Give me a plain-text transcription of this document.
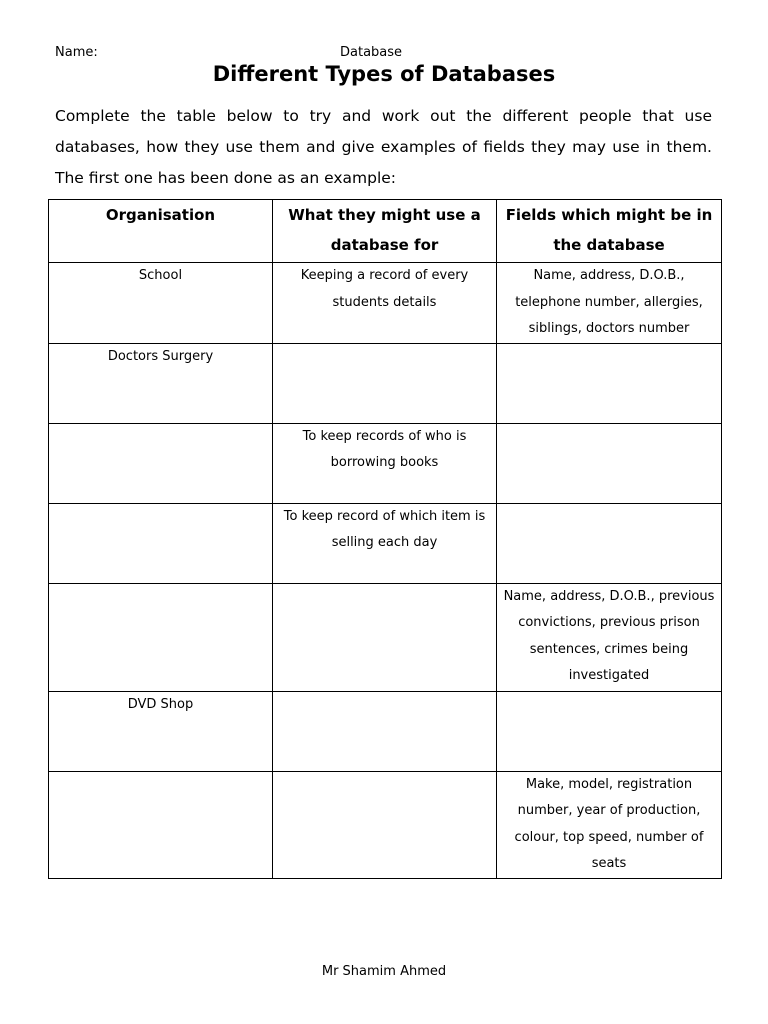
Name:	Database
Different Types of Databases

Complete the table below to try and work out the different people that use databases, how they use them and give examples of fields they may use in them. The first one has been done as an example:

Organisation	What they might use a database for	Fields which might be in the database
School	Keeping a record of every students details	Name, address, D.O.B., telephone number, allergies, siblings, doctors number
Doctors Surgery		
	To keep records of who is borrowing books	
	To keep record of which item is selling each day	
		Name, address, D.O.B., previous convictions, previous prison sentences, crimes being investigated
DVD Shop		
		Make, model, registration number, year of production, colour, top speed, number of seats
Mr Shamim Ahmed
